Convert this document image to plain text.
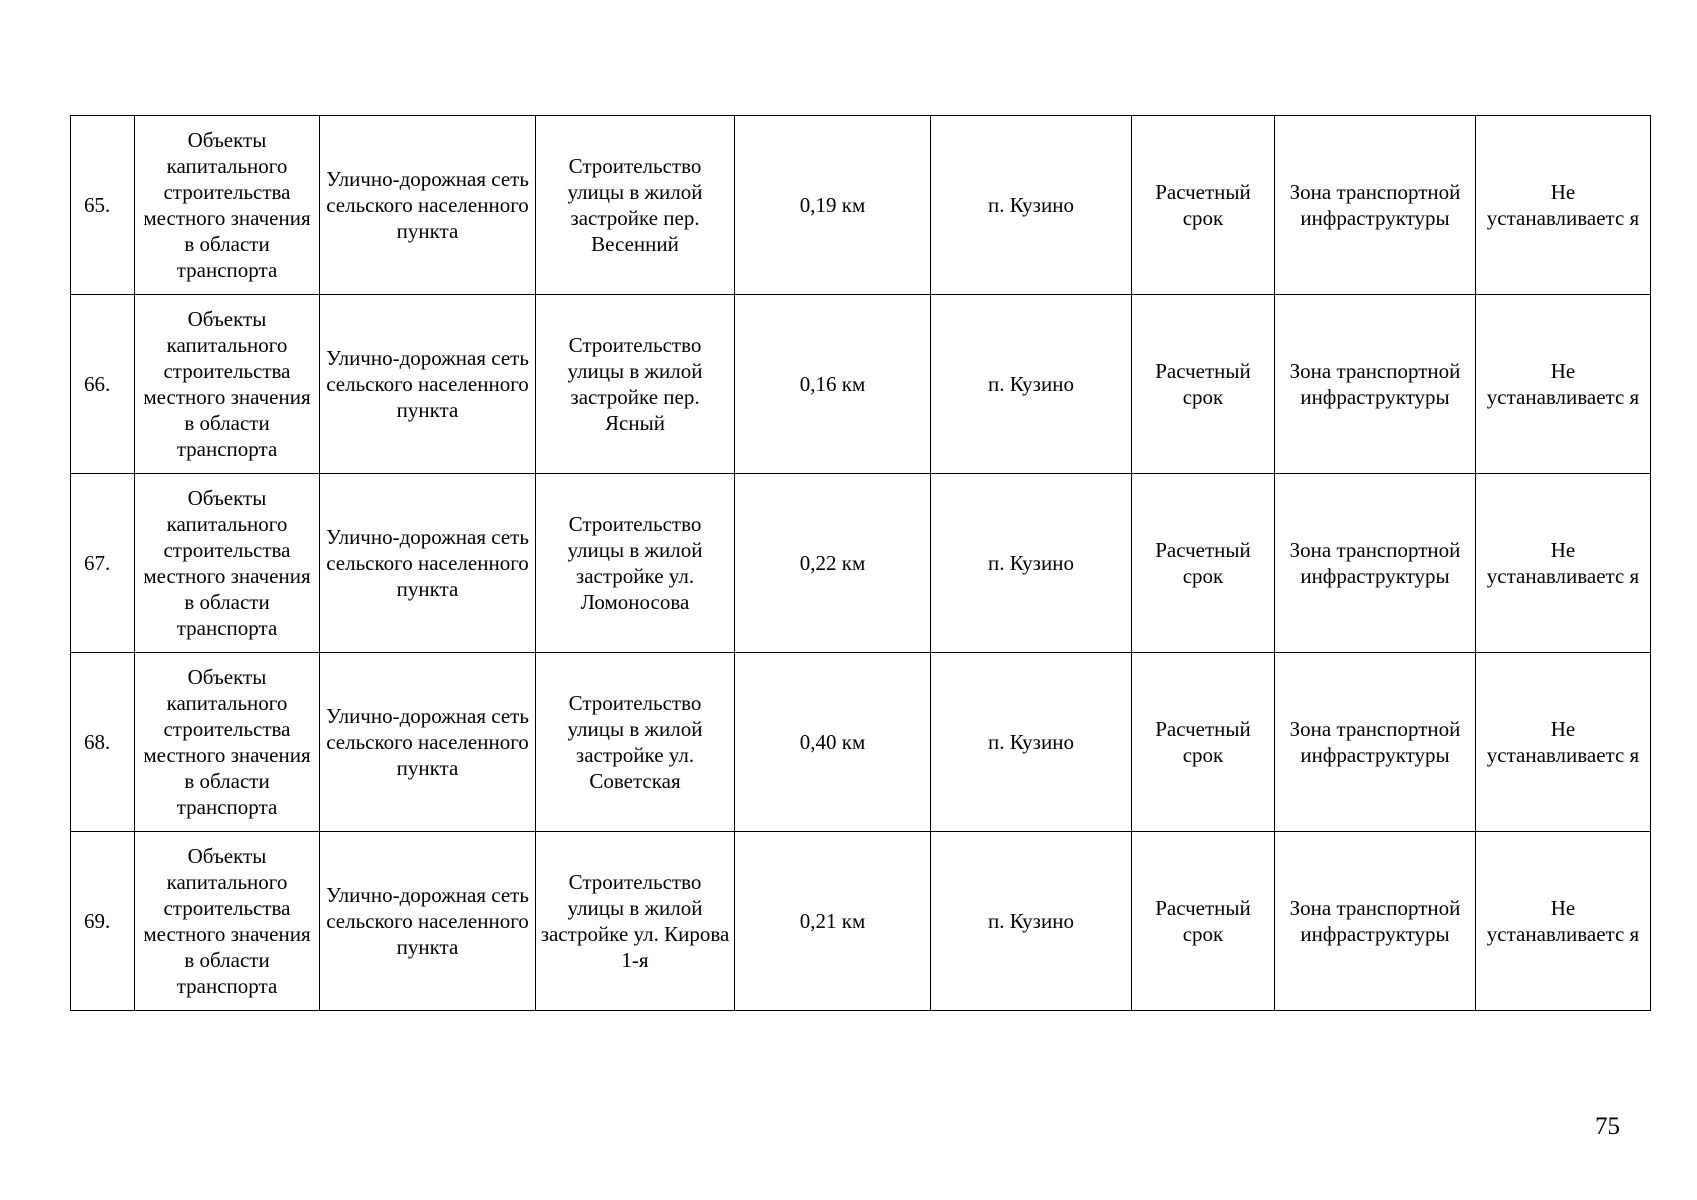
65.	Объекты капитального строительства местного значения в области транспорта	Улично-дорожная сеть сельского населенного пункта	Строительство улицы в жилой застройке пер. Весенний	0,19 км	п. Кузино	Расчетный срок	Зона транспортной инфраструктуры	Не устанавливаетс я
66.	Объекты капитального строительства местного значения в области транспорта	Улично-дорожная сеть сельского населенного пункта	Строительство улицы в жилой застройке пер. Ясный	0,16 км	п. Кузино	Расчетный срок	Зона транспортной инфраструктуры	Не устанавливаетс я
67.	Объекты капитального строительства местного значения в области транспорта	Улично-дорожная сеть сельского населенного пункта	Строительство улицы в жилой застройке ул. Ломоносова	0,22 км	п. Кузино	Расчетный срок	Зона транспортной инфраструктуры	Не устанавливаетс я
68.	Объекты капитального строительства местного значения в области транспорта	Улично-дорожная сеть сельского населенного пункта	Строительство улицы в жилой застройке ул. Советская	0,40 км	п. Кузино	Расчетный срок	Зона транспортной инфраструктуры	Не устанавливаетс я
69.	Объекты капитального строительства местного значения в области транспорта	Улично-дорожная сеть сельского населенного пункта	Строительство улицы в жилой застройке ул. Кирова 1-я	0,21 км	п. Кузино	Расчетный срок	Зона транспортной инфраструктуры	Не устанавливаетс я
75
